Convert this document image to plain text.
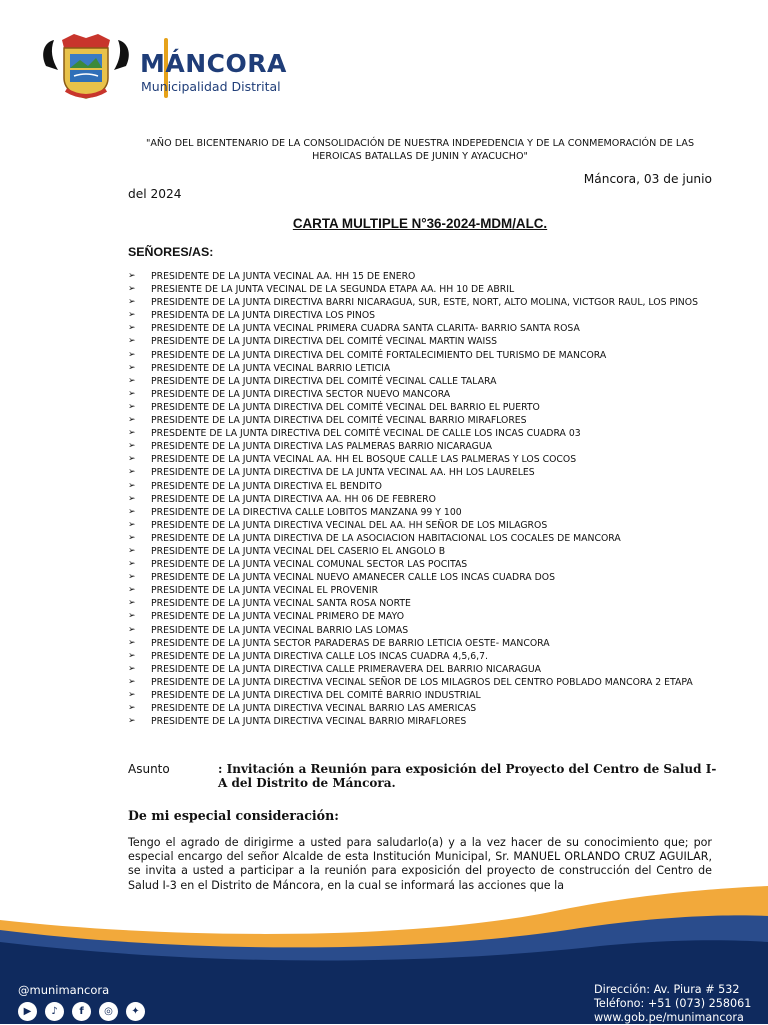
MÁNCORA
Municipalidad Distrital
"AÑO DEL BICENTENARIO DE LA CONSOLIDACIÓN DE NUESTRA INDEPEDENCIA Y DE LA CONMEMORACIÓN DE LAS HEROICAS BATALLAS DE JUNIN Y AYACUCHO"
Máncora, 03 de junio
del 2024
CARTA MULTIPLE N°36-2024-MDM/ALC.
SEÑORES/AS:
➢ PRESIDENTE DE LA JUNTA VECINAL AA. HH 15 DE ENERO
➢ PRESIENTE DE LA JUNTA VECINAL DE LA SEGUNDA ETAPA AA. HH 10 DE ABRIL
➢ PRESIDENTE DE LA JUNTA DIRECTIVA BARRI NICARAGUA, SUR, ESTE, NORT, ALTO MOLINA, VICTGOR RAUL, LOS PINOS
➢ PRESIDENTA DE LA JUNTA DIRECTIVA LOS PINOS
➢ PRESIDENTE DE LA JUNTA VECINAL PRIMERA CUADRA SANTA CLARITA- BARRIO SANTA ROSA
➢ PRESIDENTE DE LA JUNTA DIRECTIVA DEL COMITÉ VECINAL MARTIN WAISS
➢ PRESIDENTE DE LA JUNTA DIRECTIVA DEL COMITÉ FORTALECIMIENTO DEL TURISMO DE MANCORA
➢ PRESIDENTE DE LA JUNTA VECINAL BARRIO LETICIA
➢ PRESIDENTE DE LA JUNTA DIRECTIVA DEL COMITÉ VECINAL CALLE TALARA
➢ PRESIDENTE DE LA JUNTA DIRECTIVA SECTOR NUEVO MANCORA
➢ PRESIDENTE DE LA JUNTA DIRECTIVA DEL COMITÉ VECINAL DEL BARRIO EL PUERTO
➢ PRESIDENTE DE LA JUNTA DIRECTIVA DEL COMITÉ VECINAL BARRIO MIRAFLORES
➢ PRESDENTE DE LA JUNTA DIRECTIVA DEL COMITÉ VECINAL DE CALLE LOS INCAS CUADRA 03
➢ PRESIDENTE DE LA JUNTA DIRECTIVA LAS PALMERAS BARRIO NICARAGUA
➢ PRESIDENTE DE LA JUNTA VECINAL AA. HH EL BOSQUE CALLE LAS PALMERAS Y LOS COCOS
➢ PRESIDENTE DE LA JUNTA DIRECTIVA DE LA JUNTA VECINAL AA. HH LOS LAURELES
➢ PRESIDENTE DE LA JUNTA DIRECTIVA EL BENDITO
➢ PRESIDENTE DE LA JUNTA DIRECTIVA AA. HH 06 DE FEBRERO
➢ PRESIDENTE DE LA DIRECTIVA CALLE LOBITOS MANZANA 99 Y 100
➢ PRESIDENTE DE LA JUNTA DIRECTIVA VECINAL DEL AA. HH SEÑOR DE LOS MILAGROS
➢ PRESIDENTE DE LA JUNTA DIRECTIVA DE LA ASOCIACION HABITACIONAL LOS COCALES DE MANCORA
➢ PRESIDENTE DE LA JUNTA VECINAL DEL CASERIO EL ANGOLO B
➢ PRESIDENTE DE LA JUNTA VECINAL COMUNAL SECTOR LAS POCITAS
➢ PRESIDENTE DE LA JUNTA VECINAL NUEVO AMANECER CALLE LOS INCAS CUADRA DOS
➢ PRESIDENTE DE LA JUNTA VECINAL EL PROVENIR
➢ PRESIDENTE DE LA JUNTA VECINAL SANTA ROSA NORTE
➢ PRESIDENTE DE LA JUNTA VECINAL PRIMERO DE MAYO
➢ PRESIDENTE DE LA JUNTA VECINAL BARRIO LAS LOMAS
➢ PRESIDENTE DE LA JUNTA SECTOR PARADERAS DE BARRIO LETICIA OESTE- MANCORA
➢ PRESIDENTE DE LA JUNTA DIRECTIVA CALLE LOS INCAS CUADRA 4,5,6,7.
➢ PRESIDENTE DE LA JUNTA DIRECTIVA CALLE PRIMERAVERA DEL BARRIO NICARAGUA
➢ PRESIDENTE DE LA JUNTA DIRECTIVA VECINAL SEÑOR DE LOS MILAGROS DEL CENTRO POBLADO MANCORA 2 ETAPA
➢ PRESIDENTE DE LA JUNTA DIRECTIVA DEL COMITÉ BARRIO INDUSTRIAL
➢ PRESIDENTE DE LA JUNTA DIRECTIVA VECINAL BARRIO LAS AMERICAS
➢ PRESIDENTE DE LA JUNTA DIRECTIVA VECINAL BARRIO MIRAFLORES
Asunto	: Invitación a Reunión para exposición del Proyecto del Centro de Salud I-A del Distrito de Máncora.
De mi especial consideración:

Tengo el agrado de dirigirme a usted para saludarlo(a) y a la vez hacer de su conocimiento que; por especial encargo del señor Alcalde de esta Institución Municipal, Sr. MANUEL ORLANDO CRUZ AGUILAR, se invita a usted a participar a la reunión para exposición del proyecto de construcción del Centro de Salud I-3 en el Distrito de Máncora, en la cual se informará las acciones que la

@munimancora
▶	♪	f	◎	✦
Dirección: Av. Piura # 532
Teléfono: +51 (073) 258061
www.gob.pe/munimancora
